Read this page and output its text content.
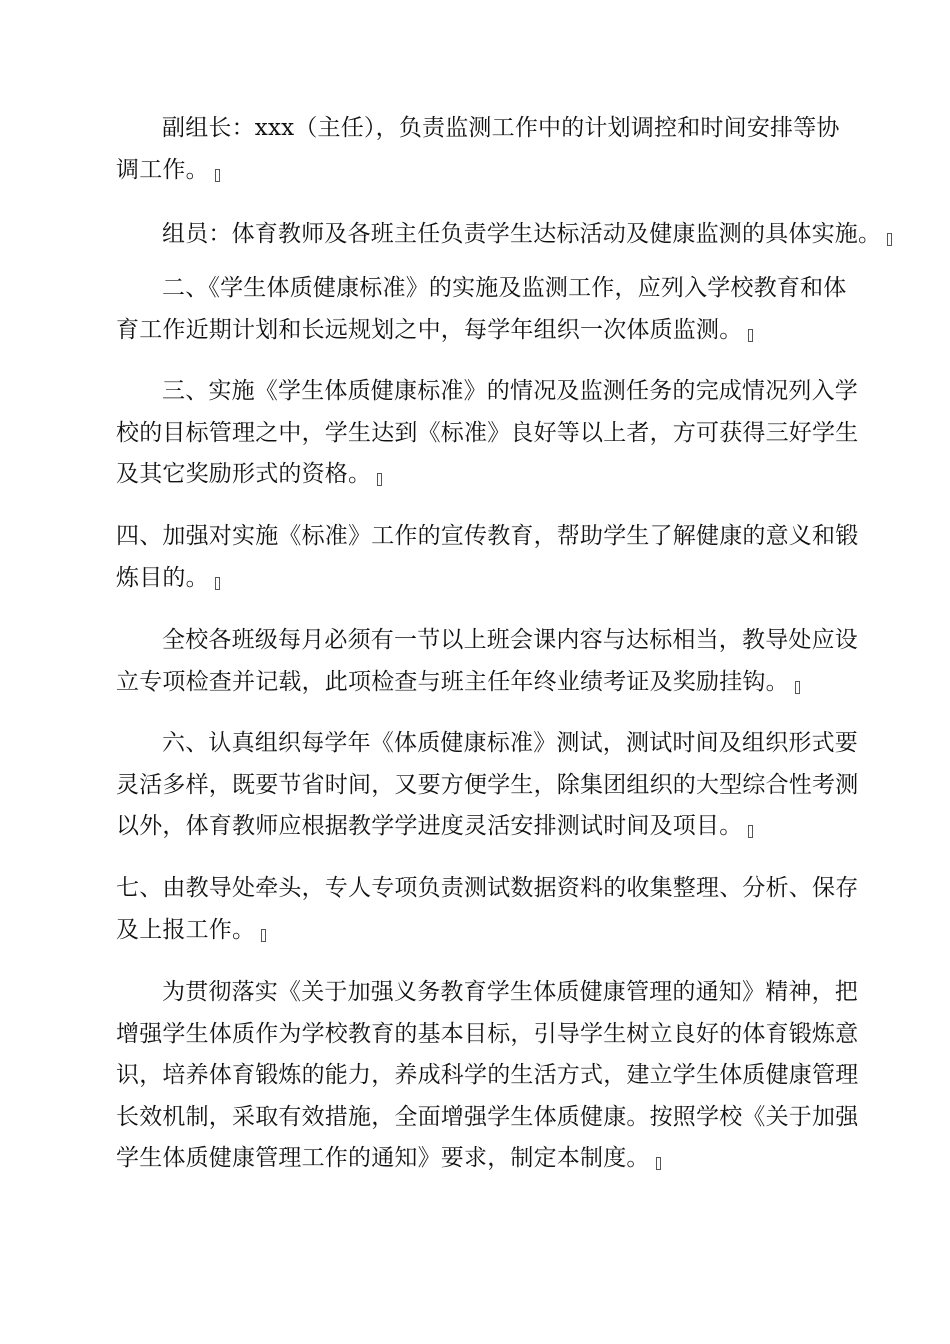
副组长：xxx（主任），负责监测工作中的计划调控和时间安排等协
调工作。

组员：体育教师及各班主任负责学生达标活动及健康监测的具体实施。

二、《学生体质健康标准》的实施及监测工作，应列入学校教育和体
育工作近期计划和长远规划之中，每学年组织一次体质监测。

三、实施《学生体质健康标准》的情况及监测任务的完成情况列入学
校的目标管理之中，学生达到《标准》良好等以上者，方可获得三好学生
及其它奖励形式的资格。

四、加强对实施《标准》工作的宣传教育，帮助学生了解健康的意义和锻
炼目的。

全校各班级每月必须有一节以上班会课内容与达标相当，教导处应设
立专项检查并记载，此项检查与班主任年终业绩考证及奖励挂钩。

六、认真组织每学年《体质健康标准》测试，测试时间及组织形式要
灵活多样，既要节省时间，又要方便学生，除集团组织的大型综合性考测
以外，体育教师应根据教学学进度灵活安排测试时间及项目。

七、由教导处牵头，专人专项负责测试数据资料的收集整理、分析、保存
及上报工作。

为贯彻落实《关于加强义务教育学生体质健康管理的通知》精神，把
增强学生体质作为学校教育的基本目标，引导学生树立良好的体育锻炼意
识，培养体育锻炼的能力，养成科学的生活方式，建立学生体质健康管理
长效机制，采取有效措施，全面增强学生体质健康。按照学校《关于加强
学生体质健康管理工作的通知》要求，制定本制度。
